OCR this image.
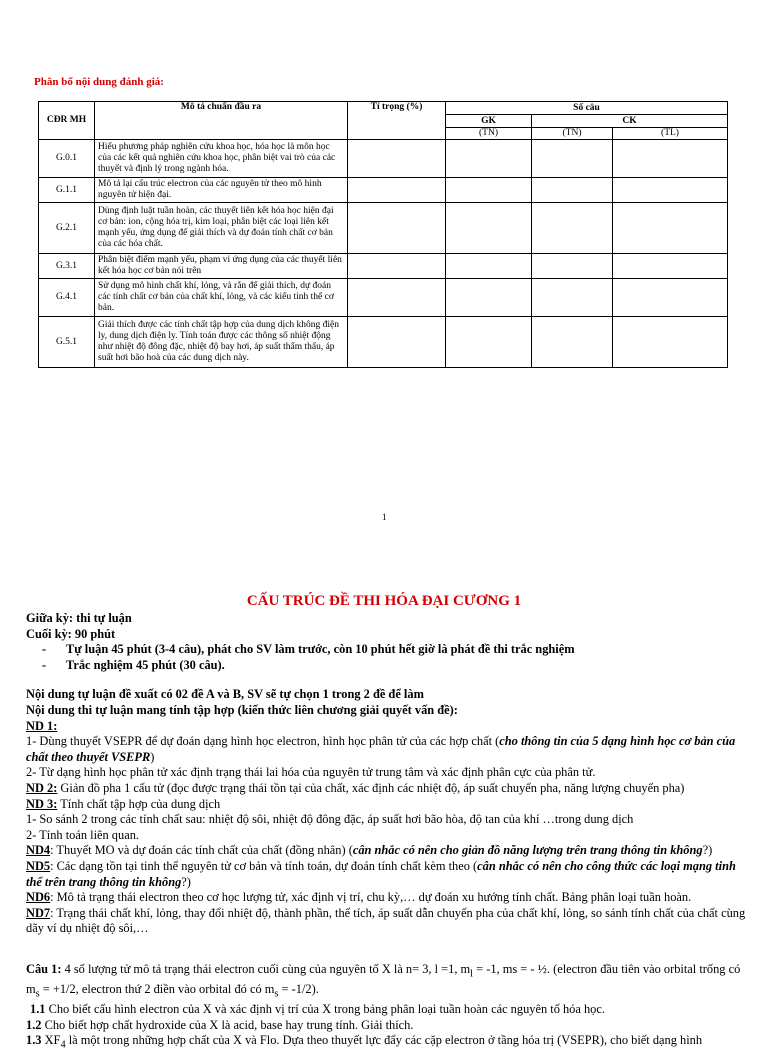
Phân bổ nội dung đánh giá:
CĐR MH	Mô tả chuẩn đầu ra	Tỉ trọng (%)	Số câu		
			GK	CK	
			(TN)	(TN)	(TL)
G.0.1	Hiểu phương pháp nghiên cứu khoa học, hóa học là môn học của các kết quả nghiên cứu khoa học, phân biệt vai trò của các thuyết và định lý trong ngành hóa.				
G.1.1	Mô tả lại cấu trúc electron của các nguyên tử theo mô hình nguyên tử hiện đại.				
G.2.1	Dùng định luật tuần hoàn, các thuyết liên kết hóa học hiện đại cơ bản: ion, cộng hóa trị, kim loại, phân biệt các loại liên kết mạnh yếu, ứng dụng để giải thích và dự đoán tính chất cơ bản của các hóa chất.				
G.3.1	Phân biệt điểm mạnh yếu, phạm vi ứng dụng của các thuyết liên kết hóa học cơ bản nói trên				
G.4.1	Sử dụng mô hình chất khí, lỏng, và rắn để giải thích, dự đoán các tính chất cơ bản của chất khí, lỏng, và các kiểu tinh thể cơ bản.				
G.5.1	Giải thích được các tính chất tập hợp của dung dịch không điện ly, dung dịch điện ly. Tính toán được các thông số nhiệt động như nhiệt độ đông đặc, nhiệt độ bay hơi, áp suất thẩm thấu, áp suất hơi bão hoà của các dung dịch này.				
1
CẤU TRÚC ĐỀ THI HÓA ĐẠI CƯƠNG 1
Giữa kỳ: thi tự luận
Cuối kỳ: 90 phút
-	Tự luận 45 phút (3-4 câu), phát cho SV làm trước, còn 10 phút hết giờ là phát đề thi trắc nghiệm
-	Trắc nghiệm 45 phút (30 câu).
Nội dung tự luận đề xuất có 02 đề A và B, SV sẽ tự chọn 1 trong 2 đề để làm
Nội dung thi tự luận mang tính tập hợp (kiến thức liên chương giải quyết vấn đề):
ND 1:
1- Dùng thuyết VSEPR để dự đoán dạng hình học electron, hình học phân tử của các hợp chất (cho thông tin của 5 dạng hình học cơ bản của chất theo thuyết VSEPR)
2- Từ dạng hình học phân tử xác định trạng thái lai hóa của nguyên tử trung tâm và xác định phân cực của phân tử.
ND 2: Giản đồ pha 1 cấu tử (đọc được trạng thái tồn tại của chất, xác định các nhiệt độ, áp suất chuyển pha, năng lượng chuyển pha)
ND 3: Tính chất tập hợp của dung dịch
1- So sánh 2 trong các tính chất sau: nhiệt độ sôi, nhiệt độ đông đặc, áp suất hơi bão hòa, độ tan của khí …trong dung dịch
2- Tính toán liên quan.
ND4: Thuyết MO và dự đoán các tính chất của chất (đồng nhân) (cân nhắc có nên cho giản đồ năng lượng trên trang thông tin không?)
ND5: Các dạng tồn tại tinh thể nguyên tử cơ bản và tính toán, dự đoán tính chất kèm theo (cân nhắc có nên cho công thức các loại mạng tinh thể trên trang thông tin không?)
ND6: Mô tả trạng thái electron theo cơ học lượng tử, xác định vị trí, chu kỳ,… dự đoán xu hướng tính chất. Bảng phân loại tuần hoàn.
ND7: Trạng thái chất khí, lỏng, thay đổi nhiệt độ, thành phần, thể tích, áp suất dẫn chuyển pha của chất khí, lỏng, so sánh tính chất của chất cùng dãy ví dụ nhiệt độ sôi,…
Câu 1: 4 số lượng tử mô tả trạng thái electron cuối cùng của nguyên tố X là n= 3, l =1, $m_l = -1$, ms = - ½. (electron đầu tiên vào orbital trống có $m_s = +1/2$, electron thứ 2 điền vào orbital đó có $m_s = -1/2$).
1.1 Cho biết cấu hình electron của X và xác định vị trí của X trong bảng phân loại tuần hoàn các nguyên tố hóa học.
1.2 Cho biết hợp chất hydroxide của X là acid, base hay trung tính. Giải thích.
1.3 $XF_4$ là một trong những hợp chất của X và Flo. Dựa theo thuyết lực đẩy các cặp electron ở tầng hóa trị (VSEPR), cho biết dạng hình
